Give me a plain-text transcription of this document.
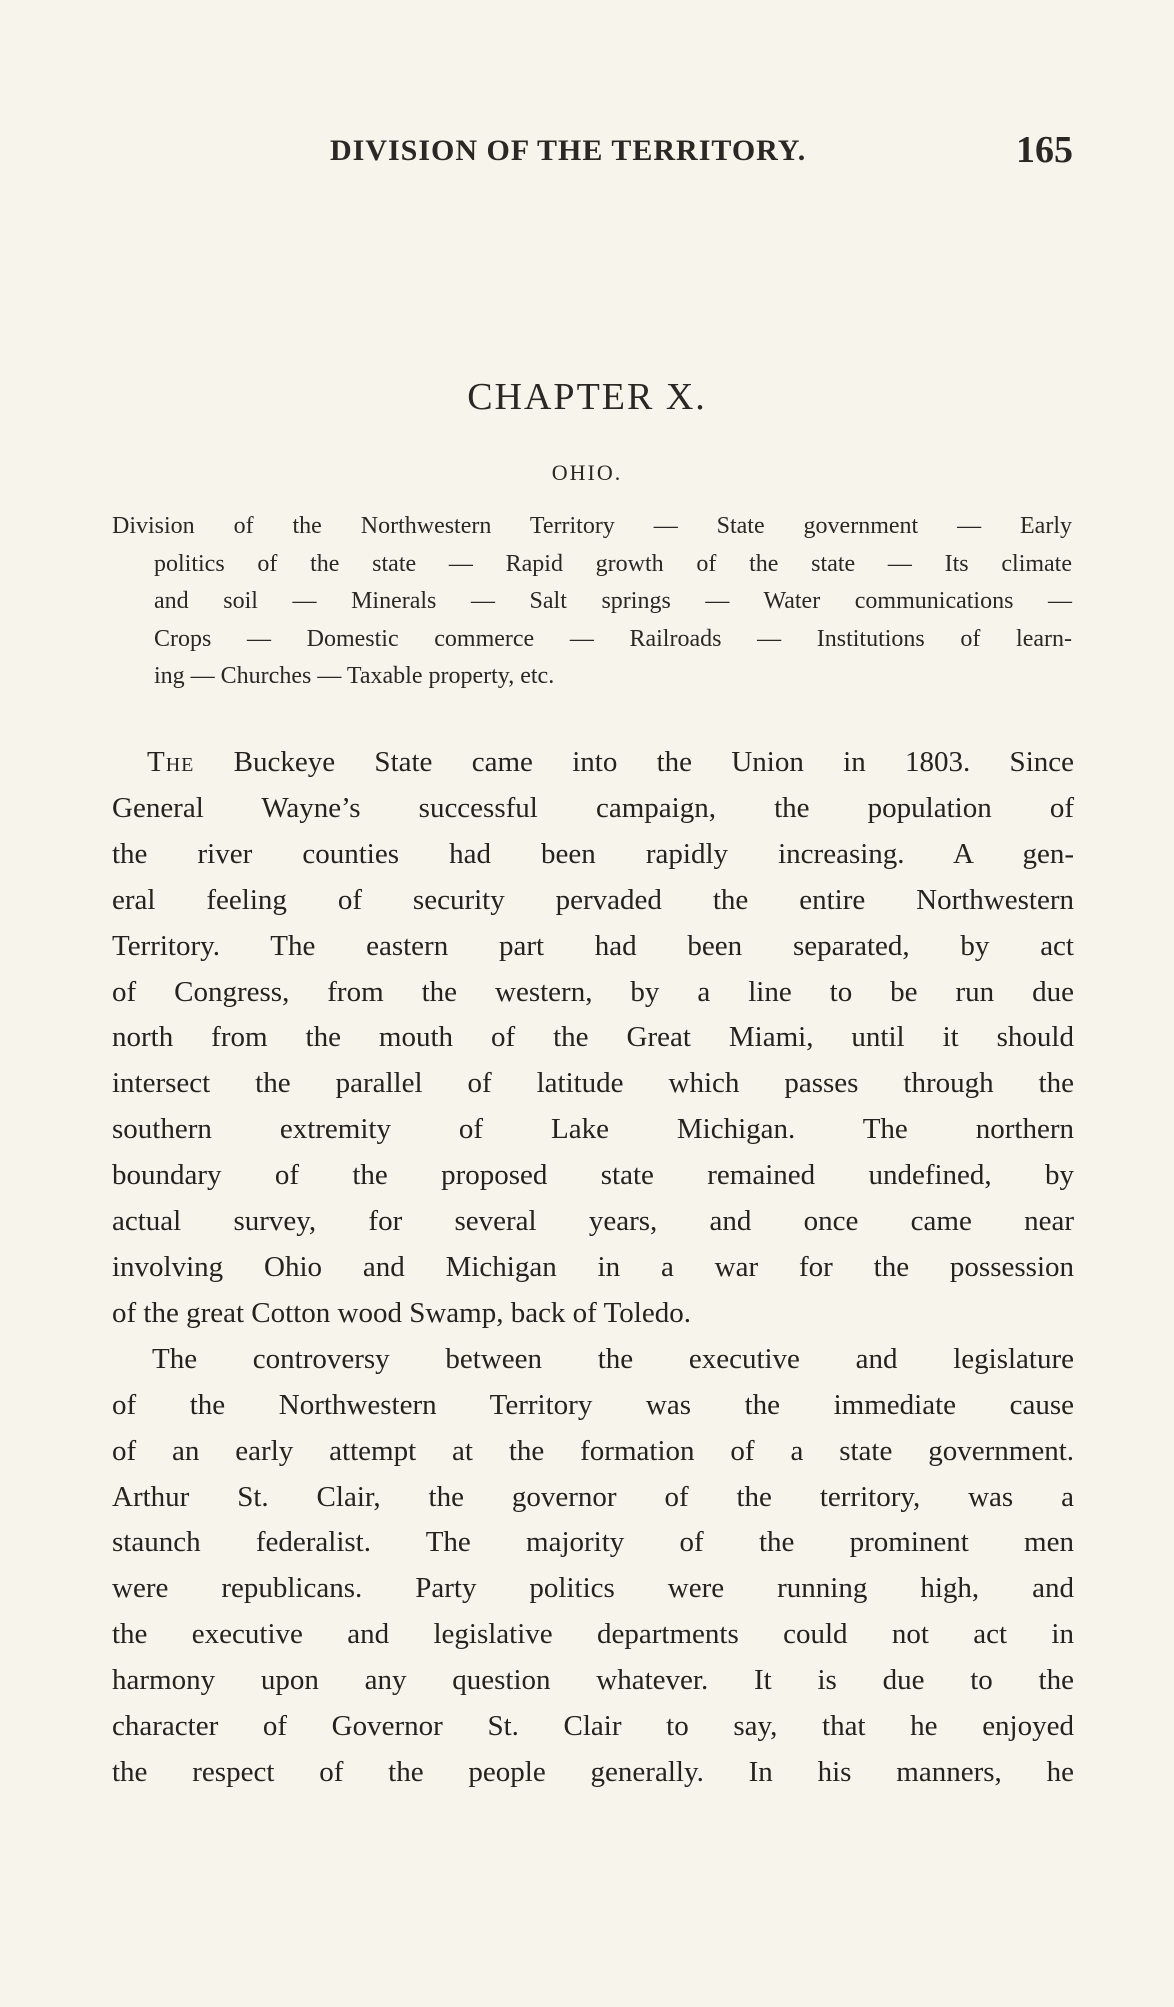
DIVISION OF THE TERRITORY.	165
CHAPTER X.
OHIO.
Division of the Northwestern Territory — State government — Early
politics of the state — Rapid growth of the state — Its climate
and soil — Minerals — Salt springs — Water communications —
Crops — Domestic commerce — Railroads — Institutions of learn-
ing — Churches — Taxable property, etc.
The Buckeye State came into the Union in 1803. Since
General Wayne’s successful campaign, the population of
the river counties had been rapidly increasing. A gen-
eral feeling of security pervaded the entire Northwestern
Territory. The eastern part had been separated, by act
of Congress, from the western, by a line to be run due
north from the mouth of the Great Miami, until it should
intersect the parallel of latitude which passes through the
southern extremity of Lake Michigan. The northern
boundary of the proposed state remained undefined, by
actual survey, for several years, and once came near
involving Ohio and Michigan in a war for the possession
of the great Cotton wood Swamp, back of Toledo.
The controversy between the executive and legislature
of the Northwestern Territory was the immediate cause
of an early attempt at the formation of a state government.
Arthur St. Clair, the governor of the territory, was a
staunch federalist. The majority of the prominent men
were republicans. Party politics were running high, and
the executive and legislative departments could not act in
harmony upon any question whatever. It is due to the
character of Governor St. Clair to say, that he enjoyed
the respect of the people generally. In his manners, he
